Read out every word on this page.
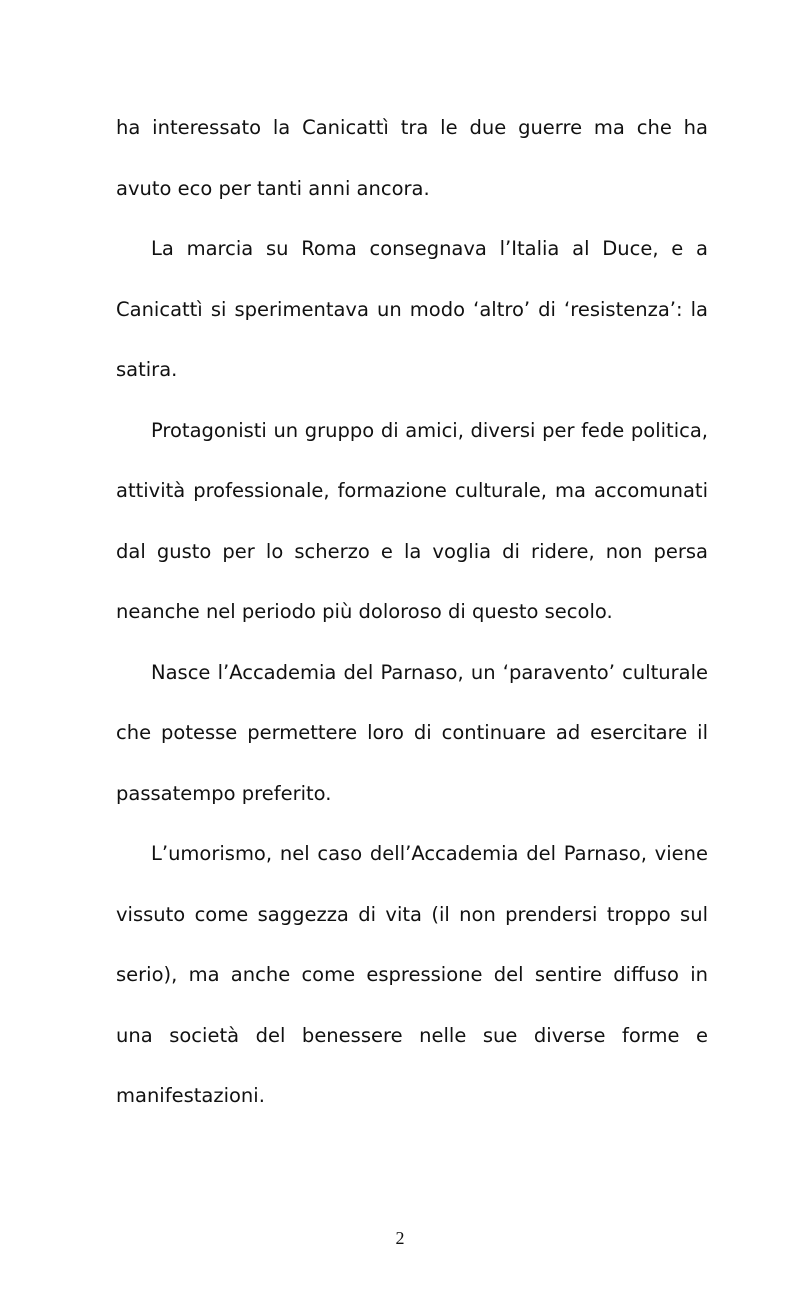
ha interessato la Canicattì tra le due guerre ma che ha avuto eco per tanti anni ancora.

La marcia su Roma consegnava l’Italia al Duce, e a Canicattì si sperimentava un modo ‘altro’ di ‘resistenza’: la satira.

Protagonisti un gruppo di amici, diversi per fede politica, attività professionale, formazione culturale, ma accomunati dal gusto per lo scherzo e la voglia di ridere, non persa neanche nel periodo più doloroso di questo secolo.

Nasce l’Accademia del Parnaso, un ‘paravento’ culturale che potesse permettere loro di continuare ad esercitare il passatempo preferito.

L’umorismo, nel caso dell’Accademia del Parnaso, viene vissuto come saggezza di vita (il non prendersi troppo sul serio), ma anche come espressione del sentire diffuso in una società del benessere nelle sue diverse forme e manifestazioni.

2
